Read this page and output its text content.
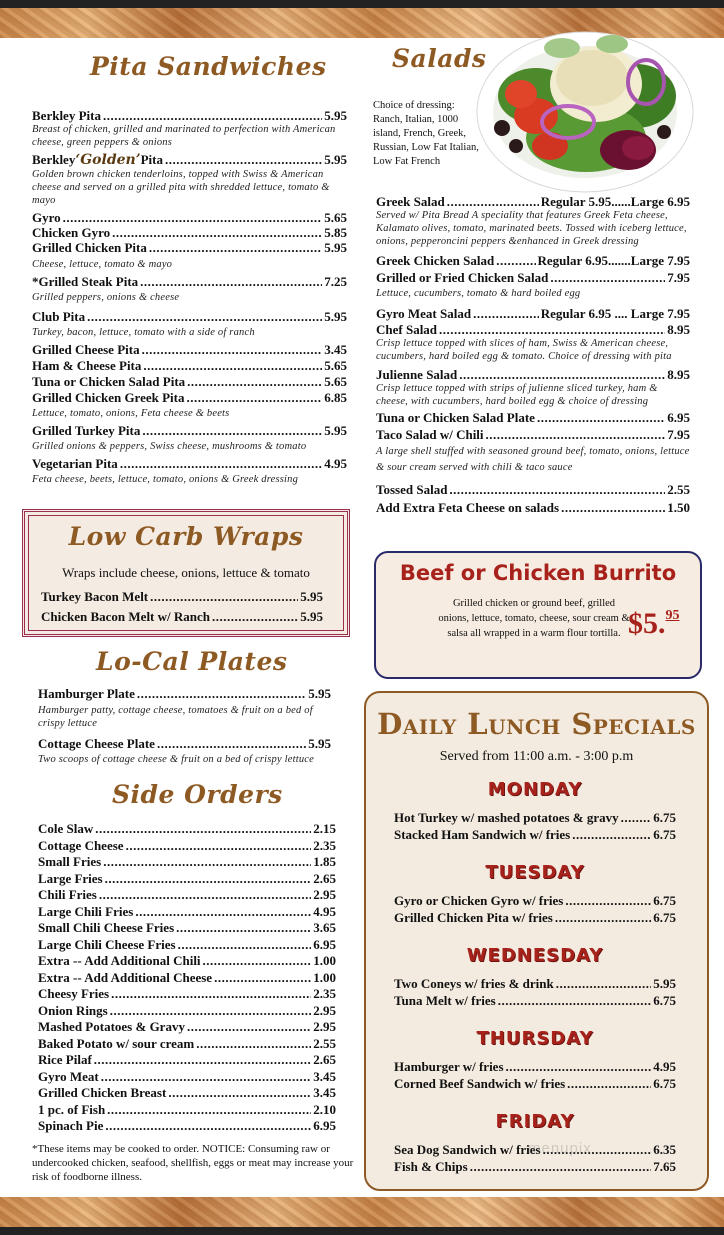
Pita Sandwiches
Berkley Pita .....	5.95
Breast of chicken, grilled and marinated to perfection with American cheese, green peppers & onions
Berkley ‘Golden’ Pita .....	5.95
Golden brown chicken tenderloins, topped with Swiss & American cheese and served on a grilled pita with shredded lettuce, tomato & mayo
Gyro .....	5.65
Chicken Gyro .....	5.85
Grilled Chicken Pita .....	5.95
Cheese, lettuce, tomato & mayo
*Grilled Steak Pita .....	7.25
Grilled peppers, onions & cheese
Club Pita .....	5.95
Turkey, bacon, lettuce, tomato with a side of ranch
Grilled Cheese Pita .....	3.45
Ham & Cheese Pita .....	5.65
Tuna or Chicken Salad Pita .....	5.65
Grilled Chicken Greek Pita .....	6.85
Lettuce, tomato, onions, Feta cheese & beets
Grilled Turkey Pita .....	5.95
Grilled onions & peppers, Swiss cheese, mushrooms & tomato
Vegetarian Pita .....	4.95
Feta cheese, beets, lettuce, tomato, onions & Greek dressing
Low Carb Wraps
Wraps include cheese, onions, lettuce & tomato
Turkey Bacon Melt .....	5.95
Chicken Bacon Melt w/ Ranch .....	5.95
Lo-Cal Plates
Hamburger Plate .....	5.95
Hamburger patty, cottage cheese, tomatoes & fruit on a bed of crispy lettuce
Cottage Cheese Plate .....	5.95
Two scoops of cottage cheese & fruit on a bed of crispy lettuce
Side Orders
Cole Slaw .....	2.15
Cottage Cheese .....	2.35
Small Fries .....	1.85
Large Fries .....	2.65
Chili Fries .....	2.95
Large Chili Fries .....	4.95
Small Chili Cheese Fries .....	3.65
Large Chili Cheese Fries .....	6.95
Extra -- Add Additional Chili .....	1.00
Extra -- Add Additional Cheese .....	1.00
Cheesy Fries .....	2.35
Onion Rings .....	2.95
Mashed Potatoes & Gravy .....	2.95
Baked Potato w/ sour cream .....	2.55
Rice Pilaf .....	2.65
Gyro Meat .....	3.45
Grilled Chicken Breast .....	3.45
1 pc. of Fish .....	2.10
Spinach Pie .....	6.95
*These items may be cooked to order. NOTICE: Consuming raw or undercooked chicken, seafood, shellfish, eggs or meat may increase your risk of foodborne illness.
Salads
Choice of dressing: Ranch, Italian, 1000 island, French, Greek, Russian, Low Fat Italian, Low Fat French
Greek Salad .....	Regular 5.95......Large 6.95
Served w/ Pita Bread A speciality that features Greek Feta cheese, Kalamato olives, tomato, marinated beets. Tossed with iceberg lettuce, onions, pepperoncini peppers &enhanced in Greek dressing
Greek Chicken Salad .....	Regular 6.95.......Large 7.95
Grilled or Fried Chicken Salad .....	7.95
Lettuce, cucumbers, tomato & hard boiled egg
Gyro Meat Salad .....	Regular 6.95 .... Large 7.95
Chef Salad .....	8.95
Crisp lettuce topped with slices of ham, Swiss & American cheese, cucumbers, hard boiled egg & tomato. Choice of dressing with pita
Julienne Salad .....	8.95
Crisp lettuce topped with strips of julienne sliced turkey, ham & cheese, with cucumbers, hard boiled egg & choice of dressing
Tuna or Chicken Salad Plate .....	6.95
Taco Salad w/ Chili .....	7.95
A large shell stuffed with seasoned ground beef, tomato, onions, lettuce & sour cream served with chili & taco sauce
Tossed Salad .....	2.55
Add Extra Feta Cheese on salads .....	1.50
Beef or Chicken Burrito
Grilled chicken or ground beef, grilled onions, lettuce, tomato, cheese, sour cream & salsa all wrapped in a warm flour tortilla. $5.95
Daily Lunch Specials
Served from 11:00 a.m. - 3:00 p.m
MONDAY
Hot Turkey w/ mashed potatoes & gravy .....	6.75
Stacked Ham Sandwich w/ fries .....	6.75
TUESDAY
Gyro or Chicken Gyro w/ fries .....	6.75
Grilled Chicken Pita w/ fries .....	6.75
WEDNESDAY
Two Coneys w/ fries & drink .....	5.95
Tuna Melt w/ fries .....	6.75
THURSDAY
Hamburger w/ fries .....	4.95
Corned Beef Sandwich w/ fries .....	6.75
FRIDAY
Sea Dog Sandwich w/ fries .....	6.35
Fish & Chips .....	7.65
menupix
